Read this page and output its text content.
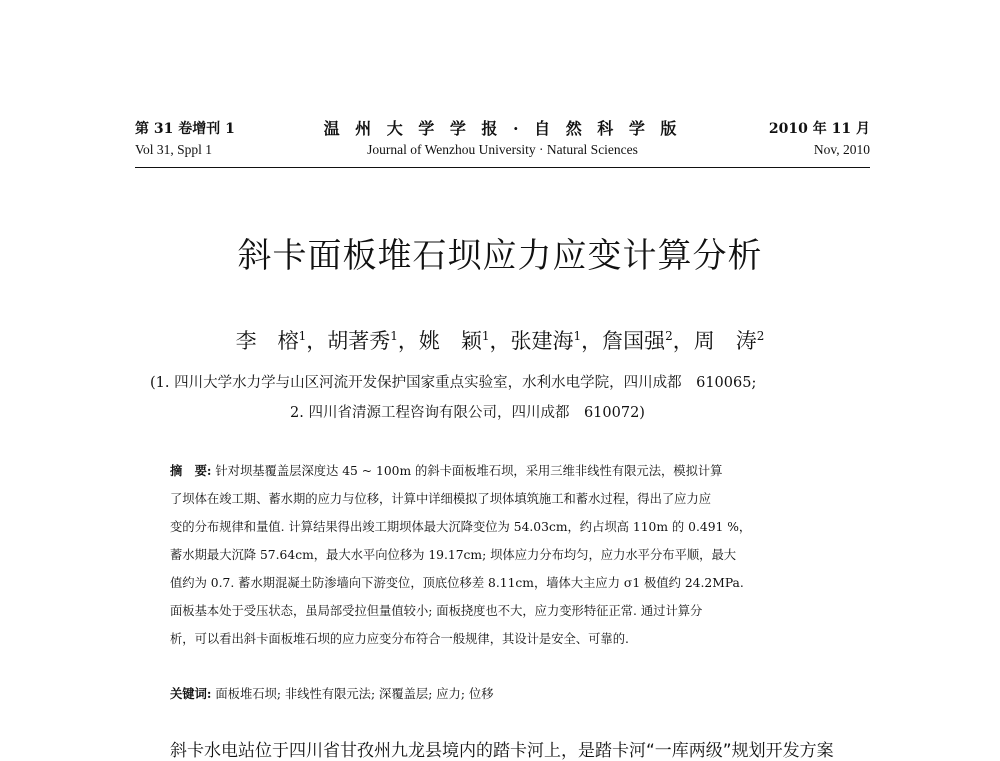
温 州 大 学 学 报 · 自 然 科 学 版
Journal of Wenzhou University · Natural Sciences
第 31 卷增刊 1
Vol 31, Sppl 1
2010 年 11 月
Nov, 2010
斜卡面板堆石坝应力应变计算分析
李　榕$^1$，胡著秀$^1$，姚　颖$^1$，张建海$^1$，詹国强$^2$，周　涛$^2$
(1. 四川大学水力学与山区河流开发保护国家重点实验室，水利水电学院，四川成都　610065;
2. 四川省清源工程咨询有限公司，四川成都　610072)
摘　要: 针对坝基覆盖层深度达 45 ~ 100m 的斜卡面板堆石坝，采用三维非线性有限元法，模拟计算
了坝体在竣工期、蓄水期的应力与位移，计算中详细模拟了坝体填筑施工和蓄水过程，得出了应力应
变的分布规律和量值. 计算结果得出竣工期坝体最大沉降变位为 54.03cm，约占坝高 110m 的 0.491 %，
蓄水期最大沉降 57.64cm，最大水平向位移为 19.17cm; 坝体应力分布均匀，应力水平分布平顺，最大
值约为 0.7. 蓄水期混凝土防渗墙向下游变位，顶底位移差 8.11cm，墙体大主应力 σ1 极值约 24.2MPa.
面板基本处于受压状态，虽局部受拉但量值较小; 面板挠度也不大，应力变形特征正常. 通过计算分
析，可以看出斜卡面板堆石坝的应力应变分布符合一般规律，其设计是安全、可靠的.
关键词: 面板堆石坝; 非线性有限元法; 深覆盖层; 应力; 位移
斜卡水电站位于四川省甘孜州九龙县境内的踏卡河上，是踏卡河“一库两级”规划开发方案
